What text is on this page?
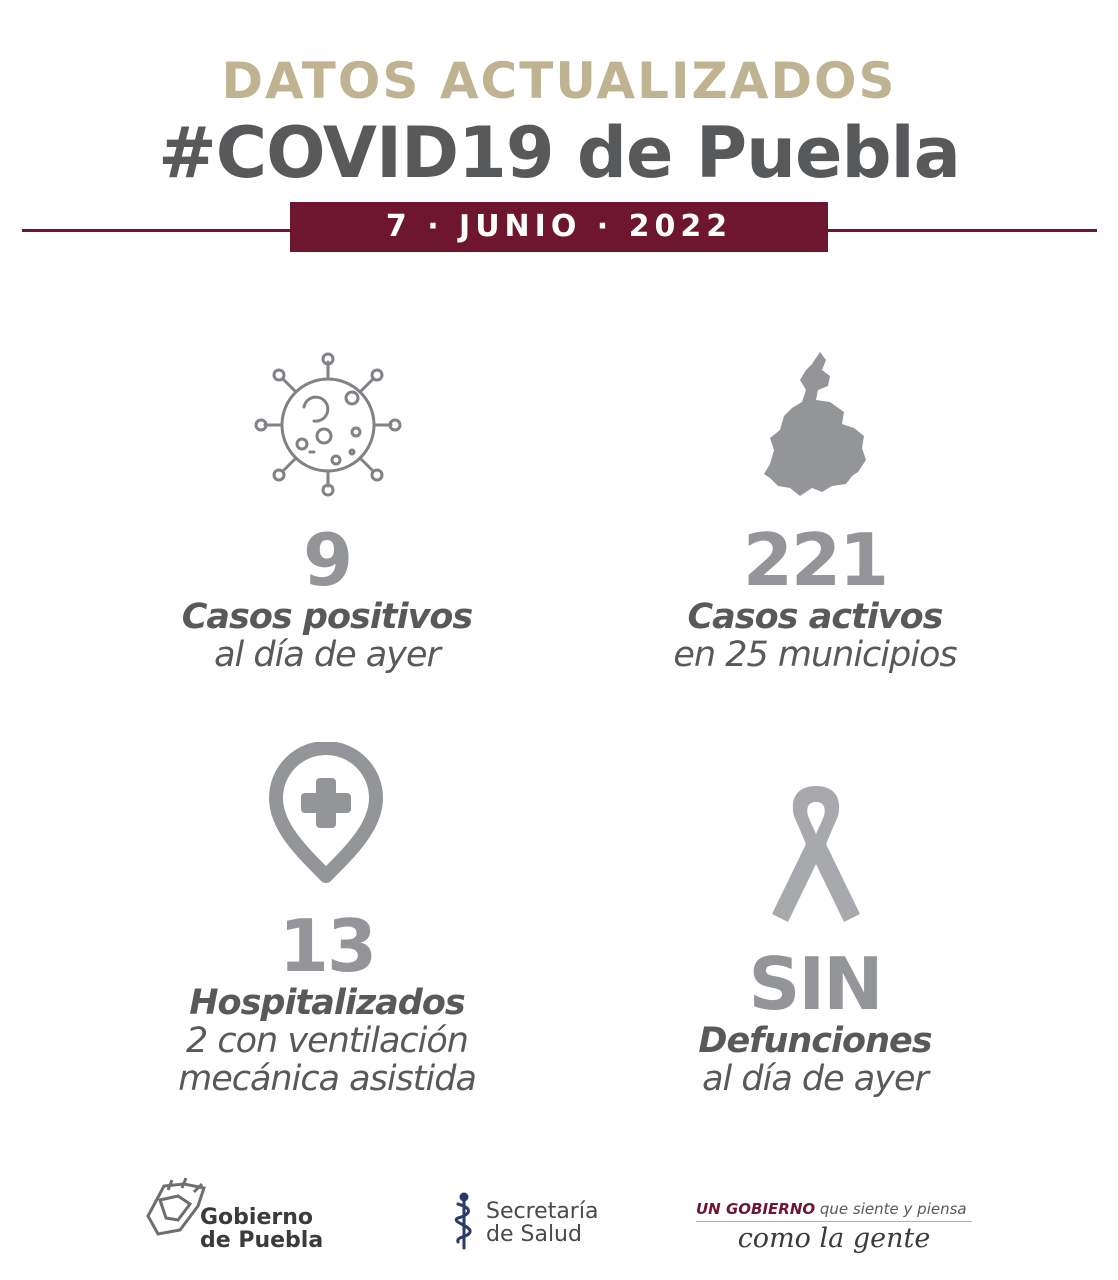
DATOS ACTUALIZADOS
#COVID19 de Puebla
7 · JUNIO · 2022
9
Casos positivos
al día de ayer
221
Casos activos
en 25 municipios
13
Hospitalizados
2 con ventilación
mecánica asistida
SIN
Defunciones
al día de ayer
Gobierno
de Puebla
Secretaría
de Salud
UN GOBIERNO que siente y piensa
como la gente
